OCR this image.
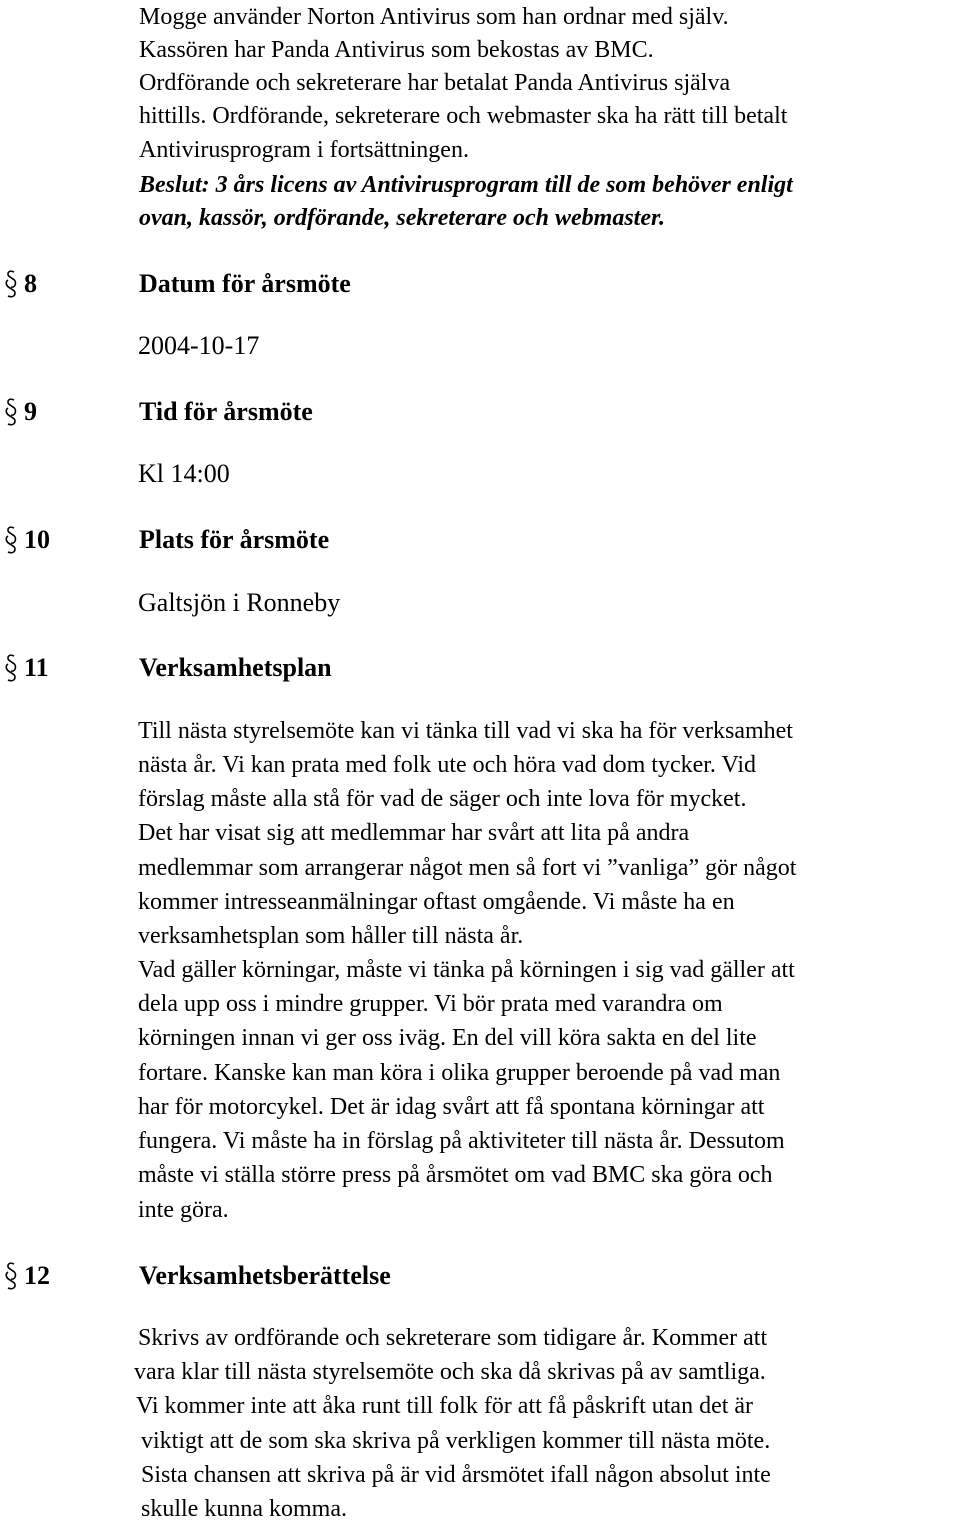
Mogge använder Norton Antivirus som han ordnar med själv.
Kassören har Panda Antivirus som bekostas av BMC.
Ordförande och sekreterare har betalat Panda Antivirus själva
hittills. Ordförande, sekreterare och webmaster ska ha rätt till betalt
Antivirusprogram i fortsättningen.
Beslut: 3 års licens av Antivirusprogram till de som behöver enligt
ovan, kassör, ordförande, sekreterare och webmaster.
8	Datum för årsmöte
2004-10-17
9	Tid för årsmöte
Kl 14:00
10	Plats för årsmöte
Galtsjön i Ronneby
11	Verksamhetsplan
Till nästa styrelsemöte kan vi tänka till vad vi ska ha för verksamhet
nästa år. Vi kan prata med folk ute och höra vad dom tycker. Vid
förslag måste alla stå för vad de säger och inte lova för mycket.
Det har visat sig att medlemmar har svårt att lita på andra
medlemmar som arrangerar något men så fort vi ”vanliga” gör något
kommer intresseanmälningar oftast omgående. Vi måste ha en
verksamhetsplan som håller till nästa år.
Vad gäller körningar, måste vi tänka på körningen i sig vad gäller att
dela upp oss i mindre grupper. Vi bör prata med varandra om
körningen innan vi ger oss iväg. En del vill köra sakta en del lite
fortare. Kanske kan man köra i olika grupper beroende på vad man
har för motorcykel. Det är idag svårt att få spontana körningar att
fungera. Vi måste ha in förslag på aktiviteter till nästa år. Dessutom
måste vi ställa större press på årsmötet om vad BMC ska göra och
inte göra.
12	Verksamhetsberättelse
Skrivs av ordförande och sekreterare som tidigare år. Kommer att
vara klar till nästa styrelsemöte och ska då skrivas på av samtliga.
Vi kommer inte att åka runt till folk för att få påskrift utan det är
viktigt att de som ska skriva på verkligen kommer till nästa möte.
Sista chansen att skriva på är vid årsmötet ifall någon absolut inte
skulle kunna komma.
